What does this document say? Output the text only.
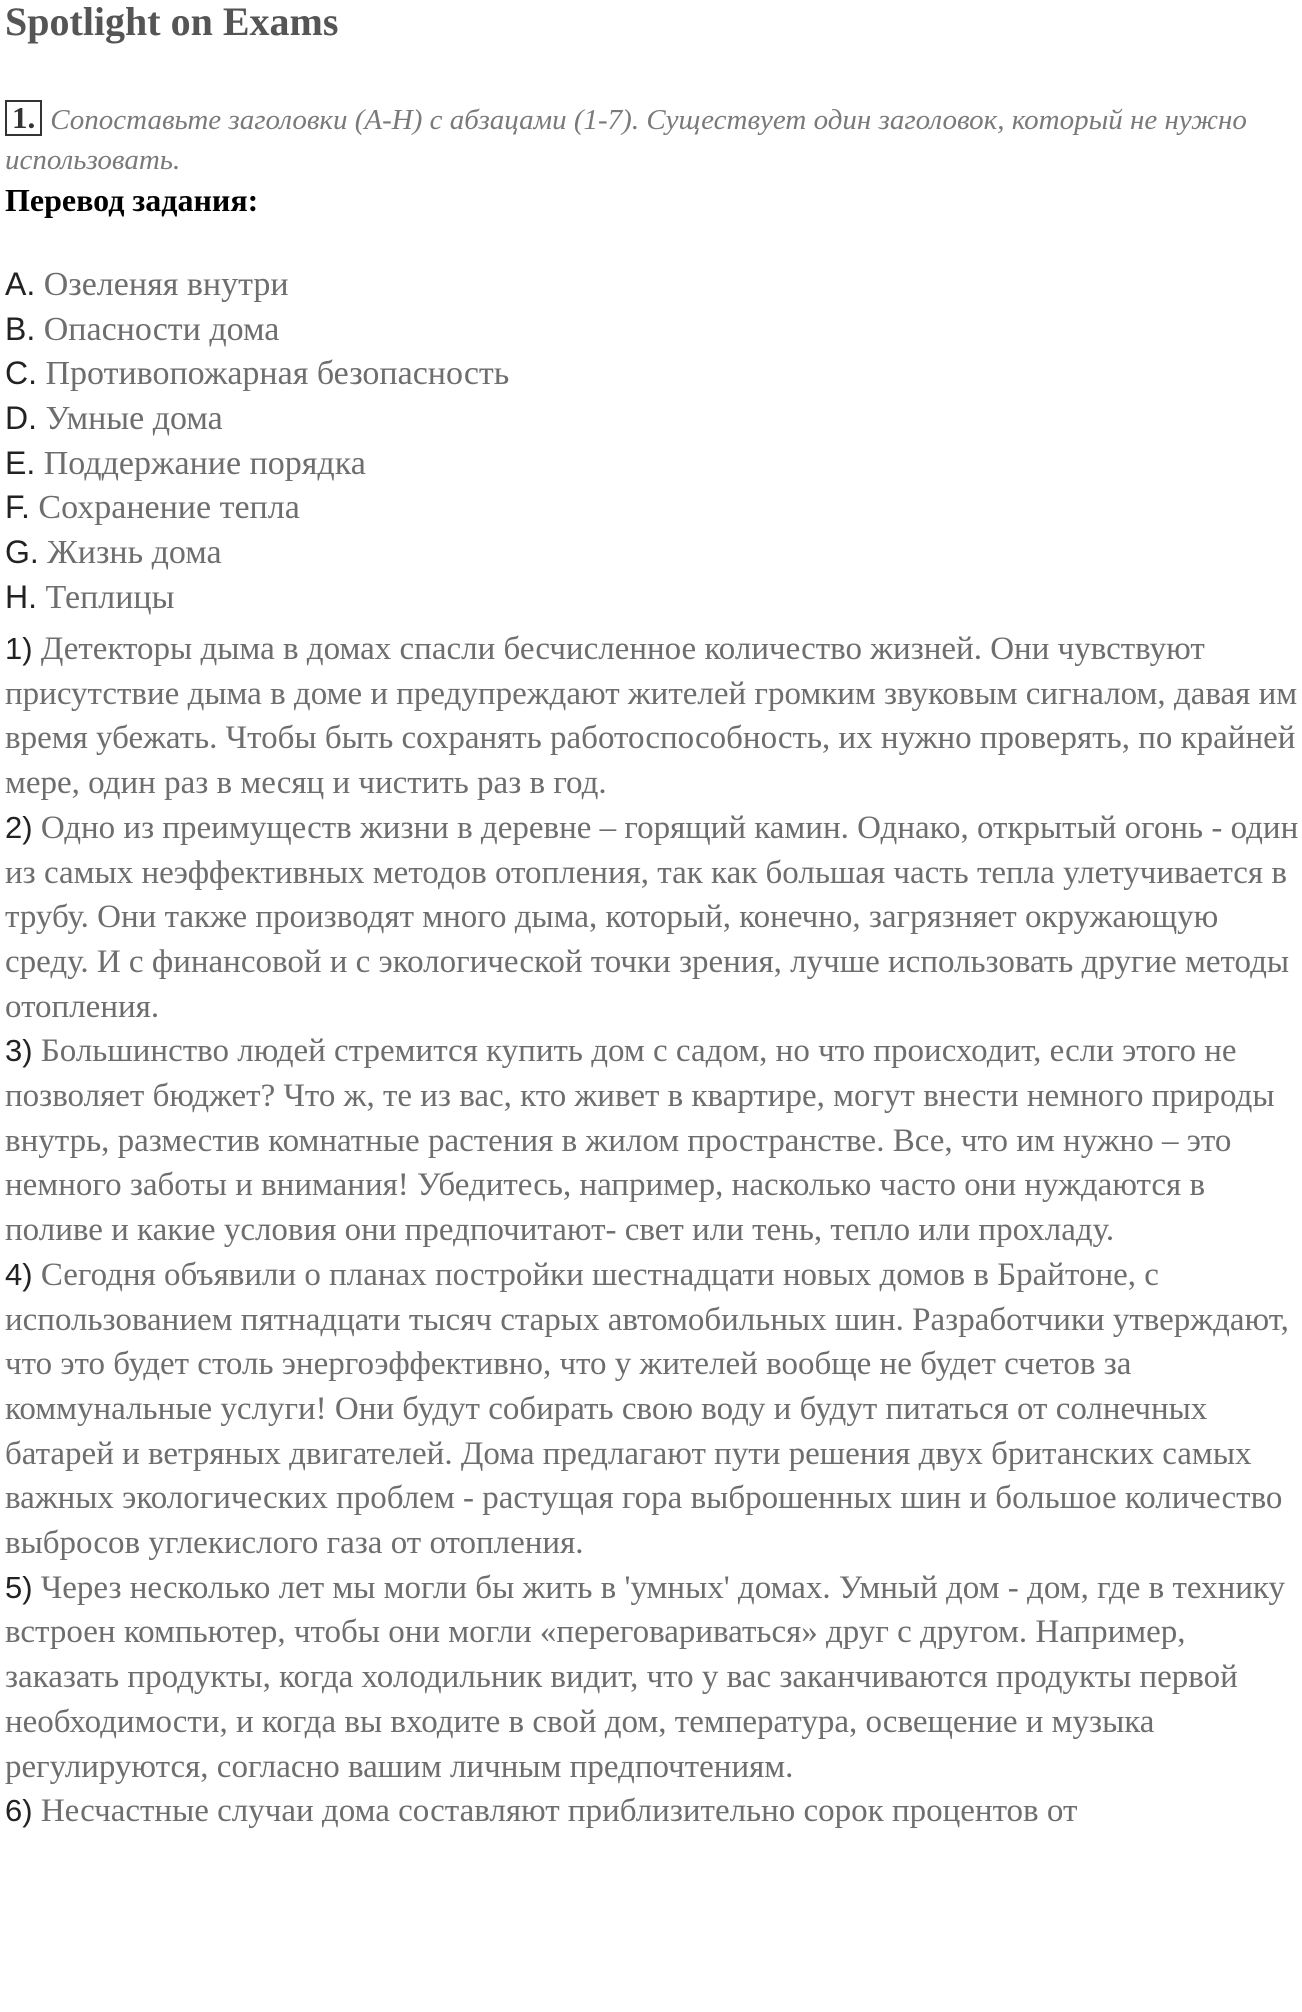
Spotlight on Exams
1. Сопоставьте заголовки (A-H) с абзацами (1-7). Существует один заголовок, который не нужно использовать.
Перевод задания:
A. Озеленяя внутри
B. Опасности дома
C. Противопожарная безопасность
D. Умные дома
E. Поддержание порядка
F. Сохранение тепла
G. Жизнь дома
H. Теплицы
1) Детекторы дыма в домах спасли бесчисленное количество жизней. Они чувствуют присутствие дыма в доме и предупреждают жителей громким звуковым сигналом, давая им время убежать. Чтобы быть сохранять работоспособность, их нужно проверять, по крайней мере, один раз в месяц и чистить раз в год.
2) Одно из преимуществ жизни в деревне – горящий камин. Однако, открытый огонь - один из самых неэффективных методов отопления, так как большая часть тепла улетучивается в трубу. Они также производят много дыма, который, конечно, загрязняет окружающую среду. И с финансовой и с экологической точки зрения, лучше использовать другие методы отопления.
3) Большинство людей стремится купить дом с садом, но что происходит, если этого не позволяет бюджет? Что ж, те из вас, кто живет в квартире, могут внести немного природы внутрь, разместив комнатные растения в жилом пространстве. Все, что им нужно – это немного заботы и внимания! Убедитесь, например, насколько часто они нуждаются в поливе и какие условия они предпочитают- свет или тень, тепло или прохладу.
4) Сегодня объявили о планах постройки шестнадцати новых домов в Брайтоне, с использованием пятнадцати тысяч старых автомобильных шин. Разработчики утверждают, что это будет столь энергоэффективно, что у жителей вообще не будет счетов за коммунальные услуги! Они будут собирать свою воду и будут питаться от солнечных батарей и ветряных двигателей. Дома предлагают пути решения двух британских самых важных экологических проблем - растущая гора выброшенных шин и большое количество выбросов углекислого газа от отопления.
5) Через несколько лет мы могли бы жить в 'умных' домах. Умный дом - дом, где в технику встроен компьютер, чтобы они могли «переговариваться» друг с другом. Например, заказать продукты, когда холодильник видит, что у вас заканчиваются продукты первой необходимости, и когда вы входите в свой дом, температура, освещение и музыка регулируются, согласно вашим личным предпочтениям.
6) Несчастные случаи дома составляют приблизительно сорок процентов от
